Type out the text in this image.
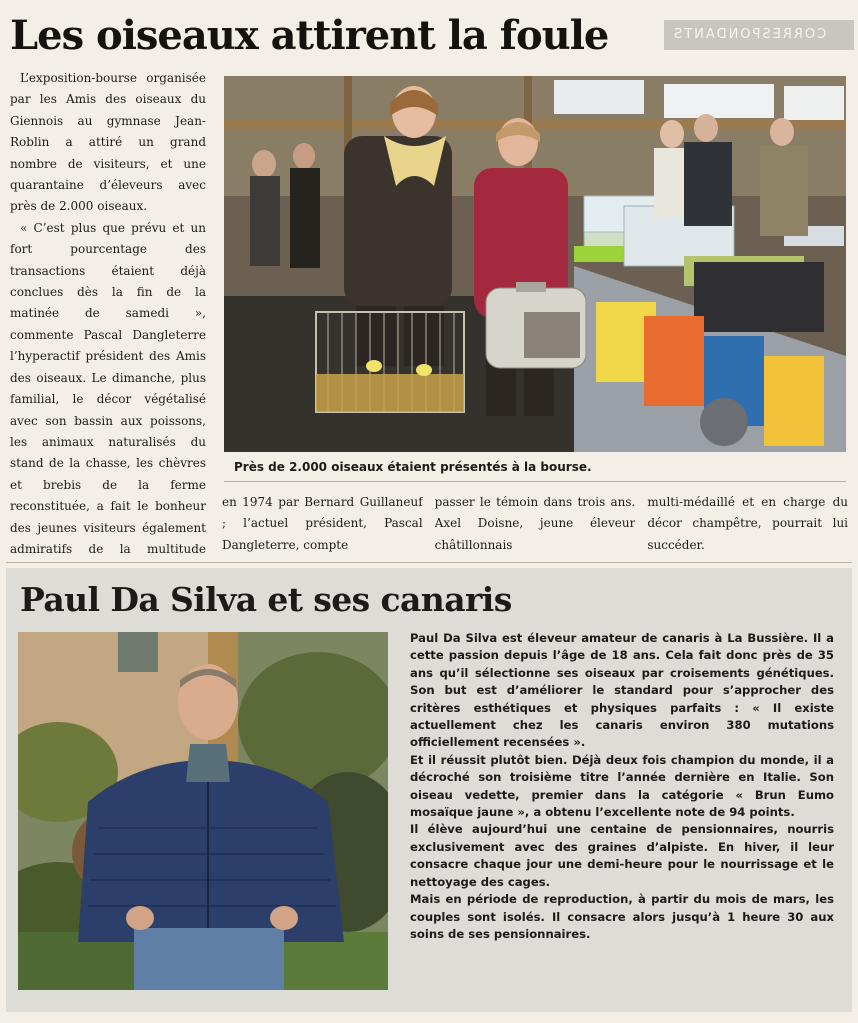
Les oiseaux attirent la foule	CORRESPONDANTS

L’exposition-bourse organisée par les Amis des oiseaux du Giennois au gymnase Jean-Roblin a attiré un grand nombre de visiteurs, et une quarantaine d’éleveurs avec près de 2.000 oiseaux.

« C’est plus que prévu et un fort pourcentage des transactions étaient déjà conclues dès la fin de la matinée de samedi », commente Pascal Dangleterre l’hyperactif président des Amis des oiseaux. Le dimanche, plus familial, le décor végétalisé avec son bassin aux poissons, les animaux naturalisés du stand de la chasse, les chèvres et brebis de la ferme reconstituée, a fait le bonheur des jeunes visiteurs également admiratifs de la multitude

Près de 2.000 oiseaux étaient présentés à la bourse.
en 1974 par Bernard Guillaneuf ; l’actuel président, Pascal Dangleterre, compte
passer le témoin dans trois ans. Axel Doisne, jeune éleveur châtillonnais
multi-médaillé et en charge du décor champêtre, pourrait lui succéder.
Paul Da Silva et ses canaris

Paul Da Silva est éleveur amateur de canaris à La Bussière. Il a cette passion depuis l’âge de 18 ans. Cela fait donc près de 35 ans qu’il sélectionne ses oiseaux par croisements génétiques. Son but est d’améliorer le standard pour s’approcher des critères esthétiques et physiques parfaits : « Il existe actuellement chez les canaris environ 380 mutations officiellement recensées ».

Et il réussit plutôt bien. Déjà deux fois champion du monde, il a décroché son troisième titre l’année dernière en Italie. Son oiseau vedette, premier dans la catégorie « Brun Eumo mosaïque jaune », a obtenu l’excellente note de 94 points.

Il élève aujourd’hui une centaine de pensionnaires, nourris exclusivement avec des graines d’alpiste. En hiver, il leur consacre chaque jour une demi-heure pour le nourrissage et le nettoyage des cages.

Mais en période de reproduction, à partir du mois de mars, les couples sont isolés. Il consacre alors jusqu’à 1 heure 30 aux soins de ses pensionnaires.
